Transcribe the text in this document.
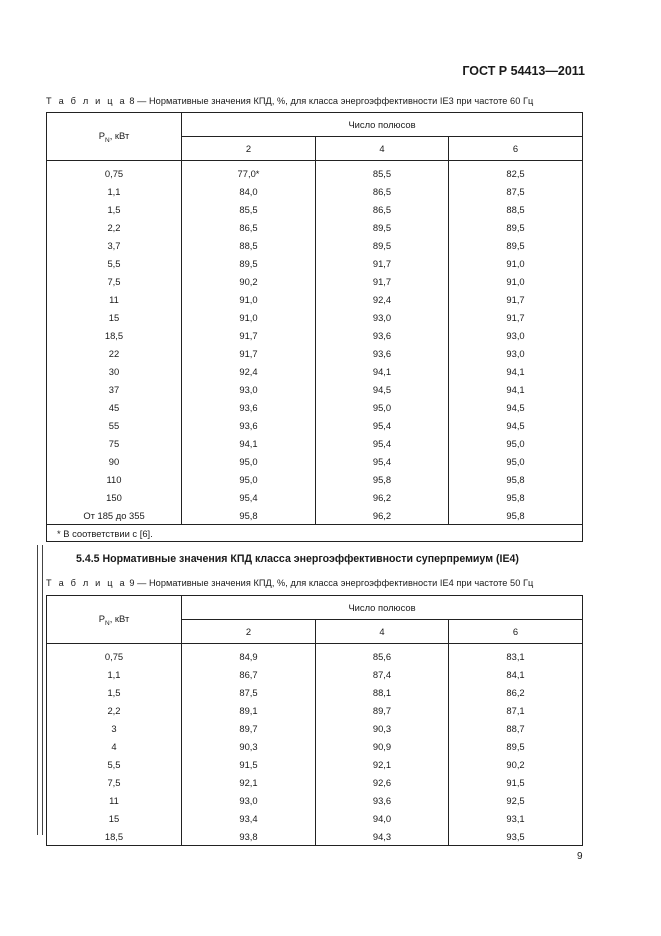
ГОСТ Р 54413—2011
Т а б л и ц а 8 — Нормативные значения КПД, %, для класса энергоэффективности IE3 при частоте 60 Гц
$P_N$, кВт	Число полюсов		
	2	4	6
0,75	77,0*	85,5	82,5
1,1	84,0	86,5	87,5
1,5	85,5	86,5	88,5
2,2	86,5	89,5	89,5
3,7	88,5	89,5	89,5
5,5	89,5	91,7	91,0
7,5	90,2	91,7	91,0
11	91,0	92,4	91,7
15	91,0	93,0	91,7
18,5	91,7	93,6	93,0
22	91,7	93,6	93,0
30	92,4	94,1	94,1
37	93,0	94,5	94,1
45	93,6	95,0	94,5
55	93,6	95,4	94,5
75	94,1	95,4	95,0
90	95,0	95,4	95,0
110	95,0	95,8	95,8
150	95,4	96,2	95,8
От 185 до 355	95,8	96,2	95,8
* В соответствии с [6].			
5.4.5 Нормативные значения КПД класса энергоэффективности суперпремиум (IE4)
Т а б л и ц а 9 — Нормативные значения КПД, %, для класса энергоэффективности IE4 при частоте 50 Гц
$P_N$, кВт	Число полюсов		
	2	4	6
0,75	84,9	85,6	83,1
1,1	86,7	87,4	84,1
1,5	87,5	88,1	86,2
2,2	89,1	89,7	87,1
3	89,7	90,3	88,7
4	90,3	90,9	89,5
5,5	91,5	92,1	90,2
7,5	92,1	92,6	91,5
11	93,0	93,6	92,5
15	93,4	94,0	93,1
18,5	93,8	94,3	93,5
9
